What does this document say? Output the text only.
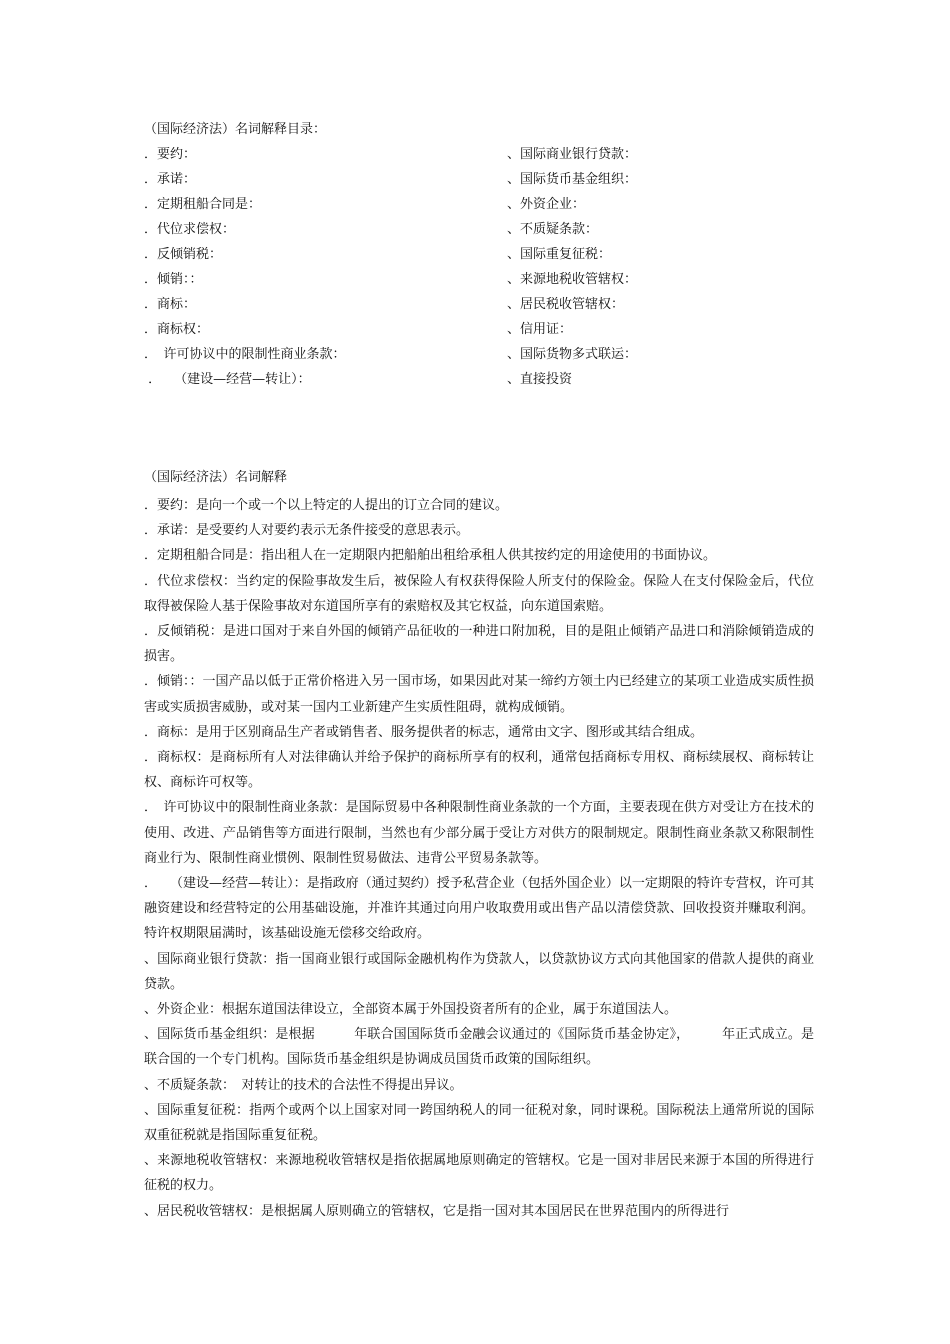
（国际经济法）名词解释目录：
．要约：
．承诺：
．定期租船合同是：
．代位求偿权：
．反倾销税：
．倾销：：
．商标：
．商标权：
．　许可协议中的限制性商业条款：
．　　（建设—经营—转让）：
、国际商业银行贷款：
、国际货币基金组织：
、外资企业：
、不质疑条款：
、国际重复征税：
、来源地税收管辖权：
、居民税收管辖权：
、信用证：
、国际货物多式联运：
、直接投资
（国际经济法）名词解释
．要约：是向一个或一个以上特定的人提出的订立合同的建议。
．承诺：是受要约人对要约表示无条件接受的意思表示。
．定期租船合同是：指出租人在一定期限内把船舶出租给承租人供其按约定的用途使用的书面协议。
．代位求偿权：当约定的保险事故发生后，被保险人有权获得保险人所支付的保险金。保险人在支付保险金后，代位取得被保险人基于保险事故对东道国所享有的索赔权及其它权益，向东道国索赔。
．反倾销税：是进口国对于来自外国的倾销产品征收的一种进口附加税，目的是阻止倾销产品进口和消除倾销造成的损害。
．倾销：：一国产品以低于正常价格进入另一国市场，如果因此对某一缔约方领土内已经建立的某项工业造成实质性损害或实质损害威胁，或对某一国内工业新建产生实质性阻碍，就构成倾销。
．商标：是用于区别商品生产者或销售者、服务提供者的标志，通常由文字、图形或其结合组成。
．商标权：是商标所有人对法律确认并给予保护的商标所享有的权利，通常包括商标专用权、商标续展权、商标转让权、商标许可权等。
．　许可协议中的限制性商业条款：是国际贸易中各种限制性商业条款的一个方面，主要表现在供方对受让方在技术的使用、改进、产品销售等方面进行限制，当然也有少部分属于受让方对供方的限制规定。限制性商业条款又称限制性商业行为、限制性商业惯例、限制性贸易做法、违背公平贸易条款等。
．　　（建设—经营—转让）：是指政府（通过契约）授予私营企业（包括外国企业）以一定期限的特许专营权，许可其融资建设和经营特定的公用基础设施，并准许其通过向用户收取费用或出售产品以清偿贷款、回收投资并赚取利润。特许权期限届满时，该基础设施无偿移交给政府。
、国际商业银行贷款：指一国商业银行或国际金融机构作为贷款人，以贷款协议方式向其他国家的借款人提供的商业贷款。
、外资企业：根据东道国法律设立，全部资本属于外国投资者所有的企业，属于东道国法人。
、国际货币基金组织：是根据　　　年联合国国际货币金融会议通过的《国际货币基金协定》，　　　年正式成立。是联合国的一个专门机构。国际货币基金组织是协调成员国货币政策的国际组织。
、不质疑条款：　对转让的技术的合法性不得提出异议。
、国际重复征税：指两个或两个以上国家对同一跨国纳税人的同一征税对象，同时课税。国际税法上通常所说的国际双重征税就是指国际重复征税。
、来源地税收管辖权：来源地税收管辖权是指依据属地原则确定的管辖权。它是一国对非居民来源于本国的所得进行征税的权力。
、居民税收管辖权：是根据属人原则确立的管辖权，它是指一国对其本国居民在世界范围内的所得进行
